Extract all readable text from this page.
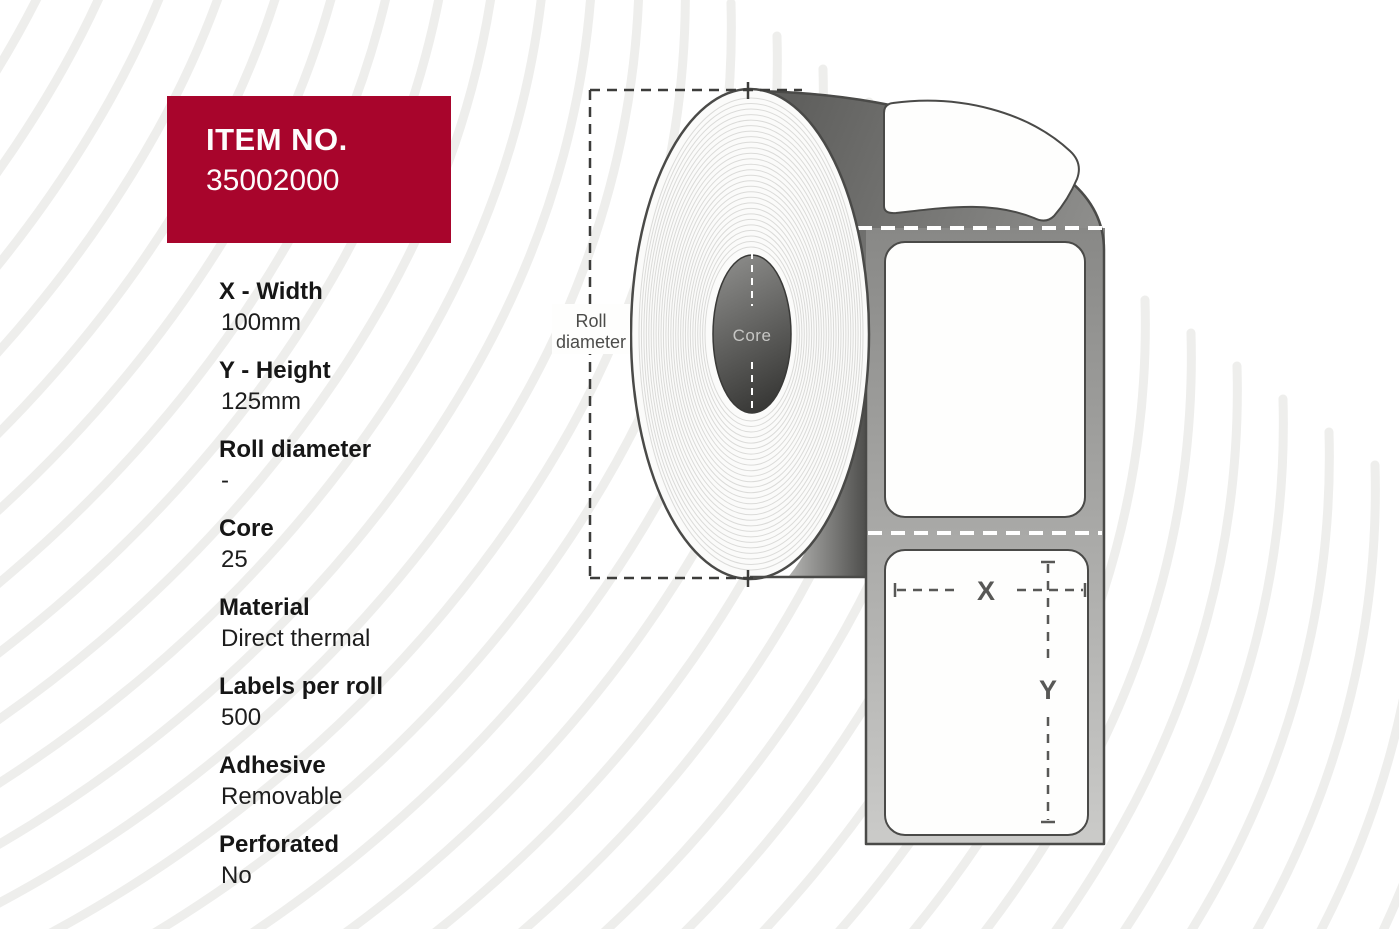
X
Y
Core
Roll
diameter
ITEM NO.
35002000
X - Width
100mm
Y - Height
125mm
Roll diameter
-
Core
25
Material
Direct thermal
Labels per roll
500
Adhesive
Removable
Perforated
No
